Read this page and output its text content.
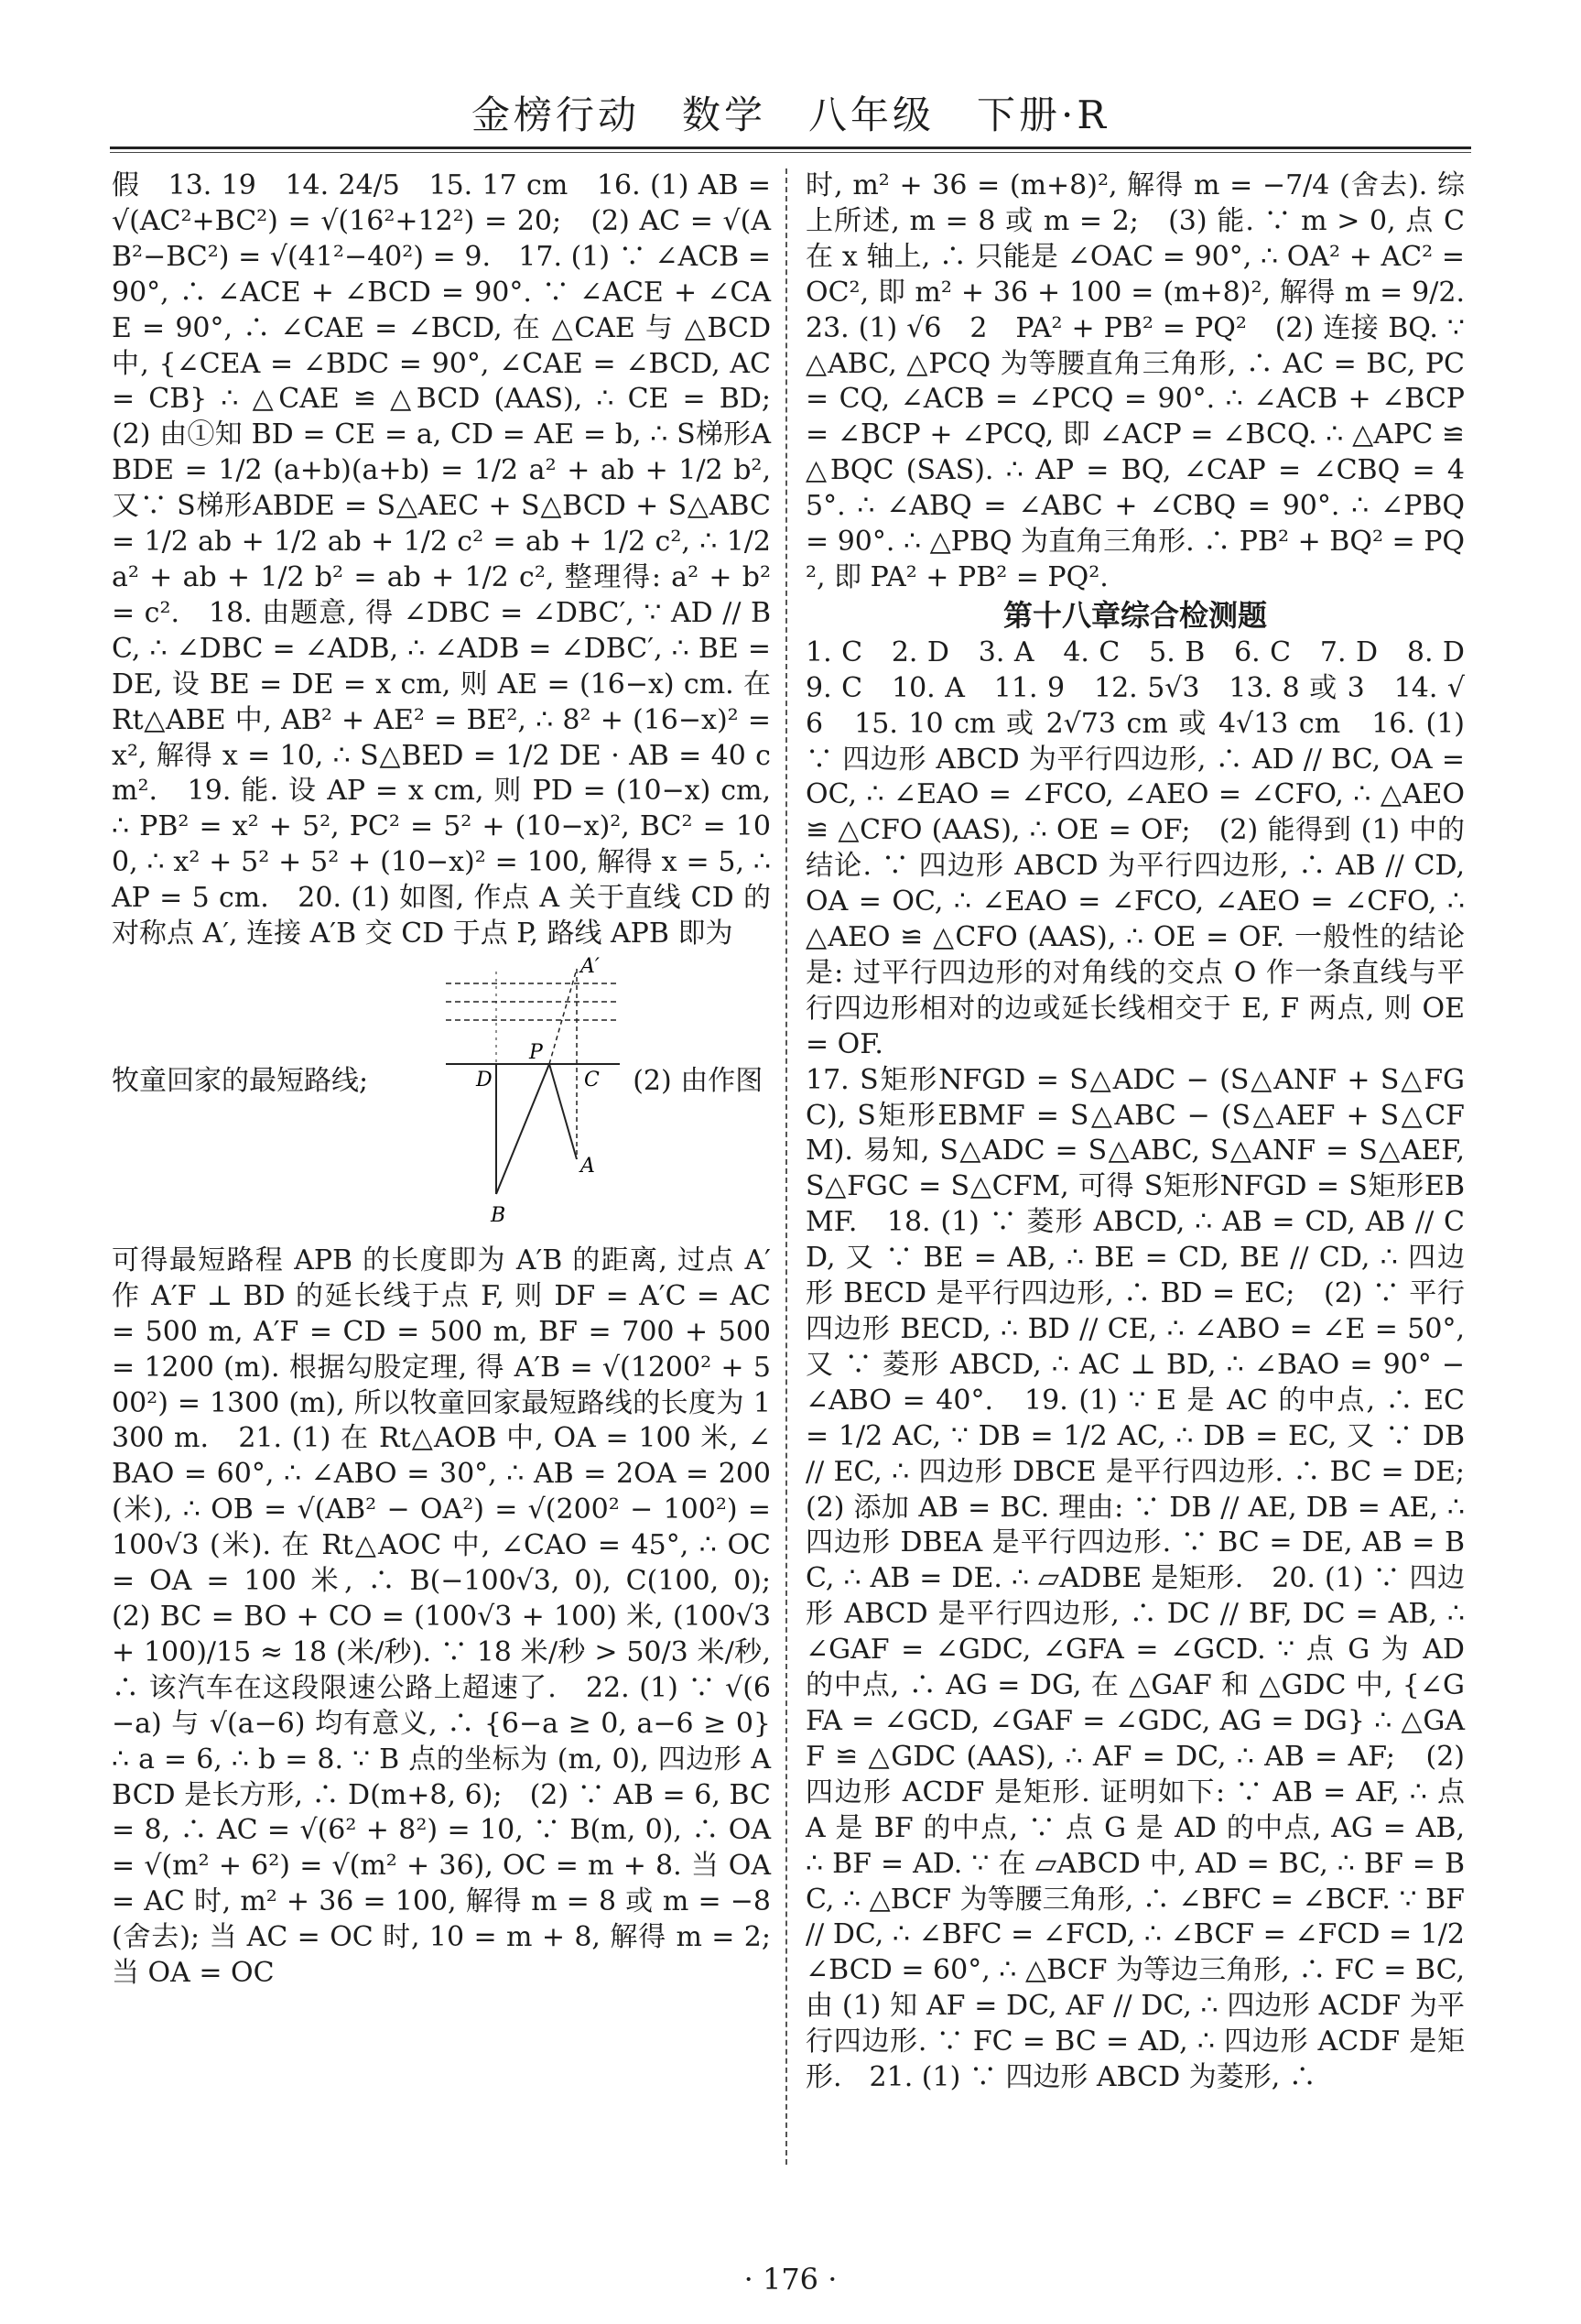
金榜行动　数学　八年级　下册·R

假　13. 19　14. 24/5　15. 17 cm　16. (1) AB = √(AC²+BC²) = √(16²+12²) = 20;　(2) AC = √(AB²−BC²) = √(41²−40²) = 9.　17. (1) ∵ ∠ACB = 90°, ∴ ∠ACE + ∠BCD = 90°. ∵ ∠ACE + ∠CAE = 90°, ∴ ∠CAE = ∠BCD, 在 △CAE 与 △BCD 中, {∠CEA = ∠BDC = 90°, ∠CAE = ∠BCD, AC = CB} ∴ △CAE ≌ △BCD (AAS), ∴ CE = BD;　(2) 由①知 BD = CE = a, CD = AE = b, ∴ S梯形ABDE = 1/2 (a+b)(a+b) = 1/2 a² + ab + 1/2 b², 又∵ S梯形ABDE = S△AEC + S△BCD + S△ABC = 1/2 ab + 1/2 ab + 1/2 c² = ab + 1/2 c², ∴ 1/2 a² + ab + 1/2 b² = ab + 1/2 c², 整理得: a² + b² = c².　18. 由题意, 得 ∠DBC = ∠DBC′, ∵ AD // BC, ∴ ∠DBC = ∠ADB, ∴ ∠ADB = ∠DBC′, ∴ BE = DE, 设 BE = DE = x cm, 则 AE = (16−x) cm. 在 Rt△ABE 中, AB² + AE² = BE², ∴ 8² + (16−x)² = x², 解得 x = 10, ∴ S△BED = 1/2 DE · AB = 40 cm².　19. 能. 设 AP = x cm, 则 PD = (10−x) cm, ∴ PB² = x² + 5², PC² = 5² + (10−x)², BC² = 100, ∴ x² + 5² + 5² + (10−x)² = 100, 解得 x = 5, ∴ AP = 5 cm.　20. (1) 如图, 作点 A 关于直线 CD 的对称点 A′, 连接 A′B 交 CD 于点 P, 路线 APB 即为

牧童回家的最短路线;	(2) 由作图
A′
P
D	C
A
B

可得最短路程 APB 的长度即为 A′B 的距离, 过点 A′ 作 A′F ⊥ BD 的延长线于点 F, 则 DF = A′C = AC = 500 m, A′F = CD = 500 m, BF = 700 + 500 = 1200 (m). 根据勾股定理, 得 A′B = √(1200² + 500²) = 1300 (m), 所以牧童回家最短路线的长度为 1300 m.　21. (1) 在 Rt△AOB 中, OA = 100 米, ∠BAO = 60°, ∴ ∠ABO = 30°, ∴ AB = 2OA = 200 (米), ∴ OB = √(AB² − OA²) = √(200² − 100²) = 100√3 (米). 在 Rt△AOC 中, ∠CAO = 45°, ∴ OC = OA = 100 米, ∴ B(−100√3, 0), C(100, 0);　(2) BC = BO + CO = (100√3 + 100) 米, (100√3 + 100)/15 ≈ 18 (米/秒). ∵ 18 米/秒 > 50/3 米/秒, ∴ 该汽车在这段限速公路上超速了.　22. (1) ∵ √(6−a) 与 √(a−6) 均有意义, ∴ {6−a ≥ 0, a−6 ≥ 0} ∴ a = 6, ∴ b = 8. ∵ B 点的坐标为 (m, 0), 四边形 ABCD 是长方形, ∴ D(m+8, 6);　(2) ∵ AB = 6, BC = 8, ∴ AC = √(6² + 8²) = 10, ∵ B(m, 0), ∴ OA = √(m² + 6²) = √(m² + 36), OC = m + 8. 当 OA = AC 时, m² + 36 = 100, 解得 m = 8 或 m = −8 (舍去); 当 AC = OC 时, 10 = m + 8, 解得 m = 2; 当 OA = OC

时, m² + 36 = (m+8)², 解得 m = −7/4 (舍去). 综上所述, m = 8 或 m = 2;　(3) 能. ∵ m > 0, 点 C 在 x 轴上, ∴ 只能是 ∠OAC = 90°, ∴ OA² + AC² = OC², 即 m² + 36 + 100 = (m+8)², 解得 m = 9/2.　23. (1) √6　2　PA² + PB² = PQ²　(2) 连接 BQ. ∵ △ABC, △PCQ 为等腰直角三角形, ∴ AC = BC, PC = CQ, ∠ACB = ∠PCQ = 90°. ∴ ∠ACB + ∠BCP = ∠BCP + ∠PCQ, 即 ∠ACP = ∠BCQ. ∴ △APC ≌ △BQC (SAS). ∴ AP = BQ, ∠CAP = ∠CBQ = 45°. ∴ ∠ABQ = ∠ABC + ∠CBQ = 90°. ∴ ∠PBQ = 90°. ∴ △PBQ 为直角三角形. ∴ PB² + BQ² = PQ², 即 PA² + PB² = PQ².

第十八章综合检测题

1. C　2. D　3. A　4. C　5. B　6. C　7. D　8. D　9. C　10. A　11. 9　12. 5√3　13. 8 或 3　14. √6　15. 10 cm 或 2√73 cm 或 4√13 cm　16. (1) ∵ 四边形 ABCD 为平行四边形, ∴ AD // BC, OA = OC, ∴ ∠EAO = ∠FCO, ∠AEO = ∠CFO, ∴ △AEO ≌ △CFO (AAS), ∴ OE = OF;　(2) 能得到 (1) 中的结论. ∵ 四边形 ABCD 为平行四边形, ∴ AB // CD, OA = OC, ∴ ∠EAO = ∠FCO, ∠AEO = ∠CFO, ∴ △AEO ≌ △CFO (AAS), ∴ OE = OF. 一般性的结论是: 过平行四边形的对角线的交点 O 作一条直线与平行四边形相对的边或延长线相交于 E, F 两点, 则 OE = OF.

17. S矩形NFGD = S△ADC − (S△ANF + S△FGC), S矩形EBMF = S△ABC − (S△AEF + S△CFM). 易知, S△ADC = S△ABC, S△ANF = S△AEF, S△FGC = S△CFM, 可得 S矩形NFGD = S矩形EBMF.　18. (1) ∵ 菱形 ABCD, ∴ AB = CD, AB // CD, 又 ∵ BE = AB, ∴ BE = CD, BE // CD, ∴ 四边形 BECD 是平行四边形, ∴ BD = EC;　(2) ∵ 平行四边形 BECD, ∴ BD // CE, ∴ ∠ABO = ∠E = 50°, 又 ∵ 菱形 ABCD, ∴ AC ⊥ BD, ∴ ∠BAO = 90° − ∠ABO = 40°.　19. (1) ∵ E 是 AC 的中点, ∴ EC = 1/2 AC, ∵ DB = 1/2 AC, ∴ DB = EC, 又 ∵ DB // EC, ∴ 四边形 DBCE 是平行四边形. ∴ BC = DE;　(2) 添加 AB = BC. 理由: ∵ DB // AE, DB = AE, ∴ 四边形 DBEA 是平行四边形. ∵ BC = DE, AB = BC, ∴ AB = DE. ∴ ▱ADBE 是矩形.　20. (1) ∵ 四边形 ABCD 是平行四边形, ∴ DC // BF, DC = AB, ∴ ∠GAF = ∠GDC, ∠GFA = ∠GCD. ∵ 点 G 为 AD 的中点, ∴ AG = DG, 在 △GAF 和 △GDC 中, {∠GFA = ∠GCD, ∠GAF = ∠GDC, AG = DG} ∴ △GAF ≌ △GDC (AAS), ∴ AF = DC, ∴ AB = AF;　(2) 四边形 ACDF 是矩形. 证明如下: ∵ AB = AF, ∴ 点 A 是 BF 的中点, ∵ 点 G 是 AD 的中点, AG = AB, ∴ BF = AD. ∵ 在 ▱ABCD 中, AD = BC, ∴ BF = BC, ∴ △BCF 为等腰三角形, ∴ ∠BFC = ∠BCF. ∵ BF // DC, ∴ ∠BFC = ∠FCD, ∴ ∠BCF = ∠FCD = 1/2 ∠BCD = 60°, ∴ △BCF 为等边三角形, ∴ FC = BC, 由 (1) 知 AF = DC, AF // DC, ∴ 四边形 ACDF 为平行四边形. ∵ FC = BC = AD, ∴ 四边形 ACDF 是矩形.　21. (1) ∵ 四边形 ABCD 为菱形, ∴

· 176 ·
